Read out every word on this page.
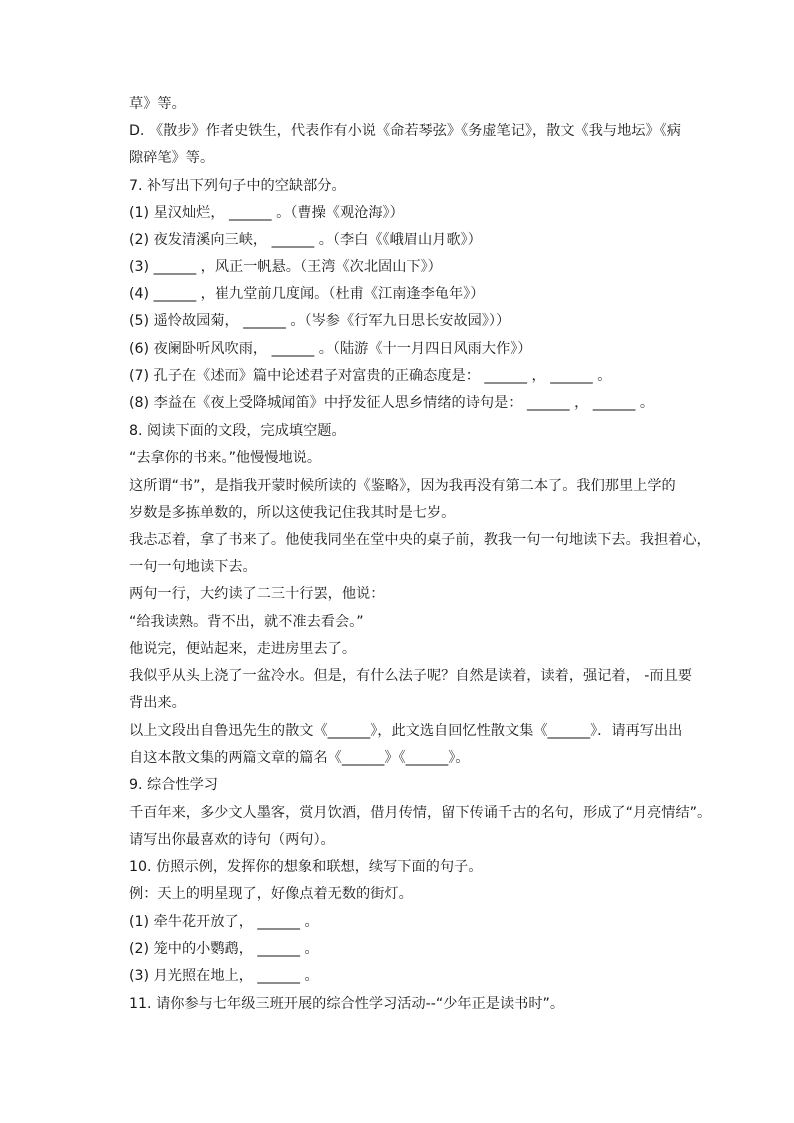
草》等。
D. 《散步》作者史铁生，代表作有小说《命若琴弦》《务虚笔记》，散文《我与地坛》《病
隙碎笔》等。
7. 补写出下列句子中的空缺部分。
(1) 星汉灿烂， ______ 。（曹操《观沧海》）
(2) 夜发清溪向三峡， ______ 。（李白《《峨眉山月歌》）
(3) ______ ，风正一帆悬。（王湾《次北固山下》）
(4) ______ ，崔九堂前几度闻。（杜甫《江南逢李龟年》）
(5) 遥怜故园菊， ______ 。（岑参《行军九日思长安故园》））
(6) 夜阑卧听风吹雨， ______ 。（陆游《十一月四日风雨大作》）
(7) 孔子在《述而》篇中论述君子对富贵的正确态度是： ______ ， ______ 。
(8) 李益在《夜上受降城闻笛》中抒发征人思乡情绪的诗句是： ______ ， ______ 。
8. 阅读下面的文段，完成填空题。
“去拿你的书来。”他慢慢地说。
这所谓“书”，是指我开蒙时候所读的《鉴略》，因为我再没有第二本了。我们那里上学的
岁数是多拣单数的，所以这使我记住我其时是七岁。
我忐忑着，拿了书来了。他使我同坐在堂中央的桌子前，教我一句一句地读下去。我担着心，
一句一句地读下去。
两句一行，大约读了二三十行罢，他说：
“给我读熟。背不出，就不准去看会。”
他说完，便站起来，走进房里去了。
我似乎从头上浇了一盆冷水。但是，有什么法子呢？自然是读着，读着，强记着， -而且要
背出来。
以上文段出自鲁迅先生的散文《______》，此文选自回忆性散文集《______》．请再写出出
自这本散文集的两篇文章的篇名《______》《______》。
9. 综合性学习
千百年来，多少文人墨客，赏月饮酒，借月传情，留下传诵千古的名句，形成了“月亮情结”。
请写出你最喜欢的诗句（两句）。
10. 仿照示例，发挥你的想象和联想，续写下面的句子。
例：天上的明星现了，好像点着无数的街灯。
(1) 牵牛花开放了， ______ 。
(2) 笼中的小鹦鹉， ______ 。
(3) 月光照在地上， ______ 。
11. 请你参与七年级三班开展的综合性学习活动--“少年正是读书时”。
